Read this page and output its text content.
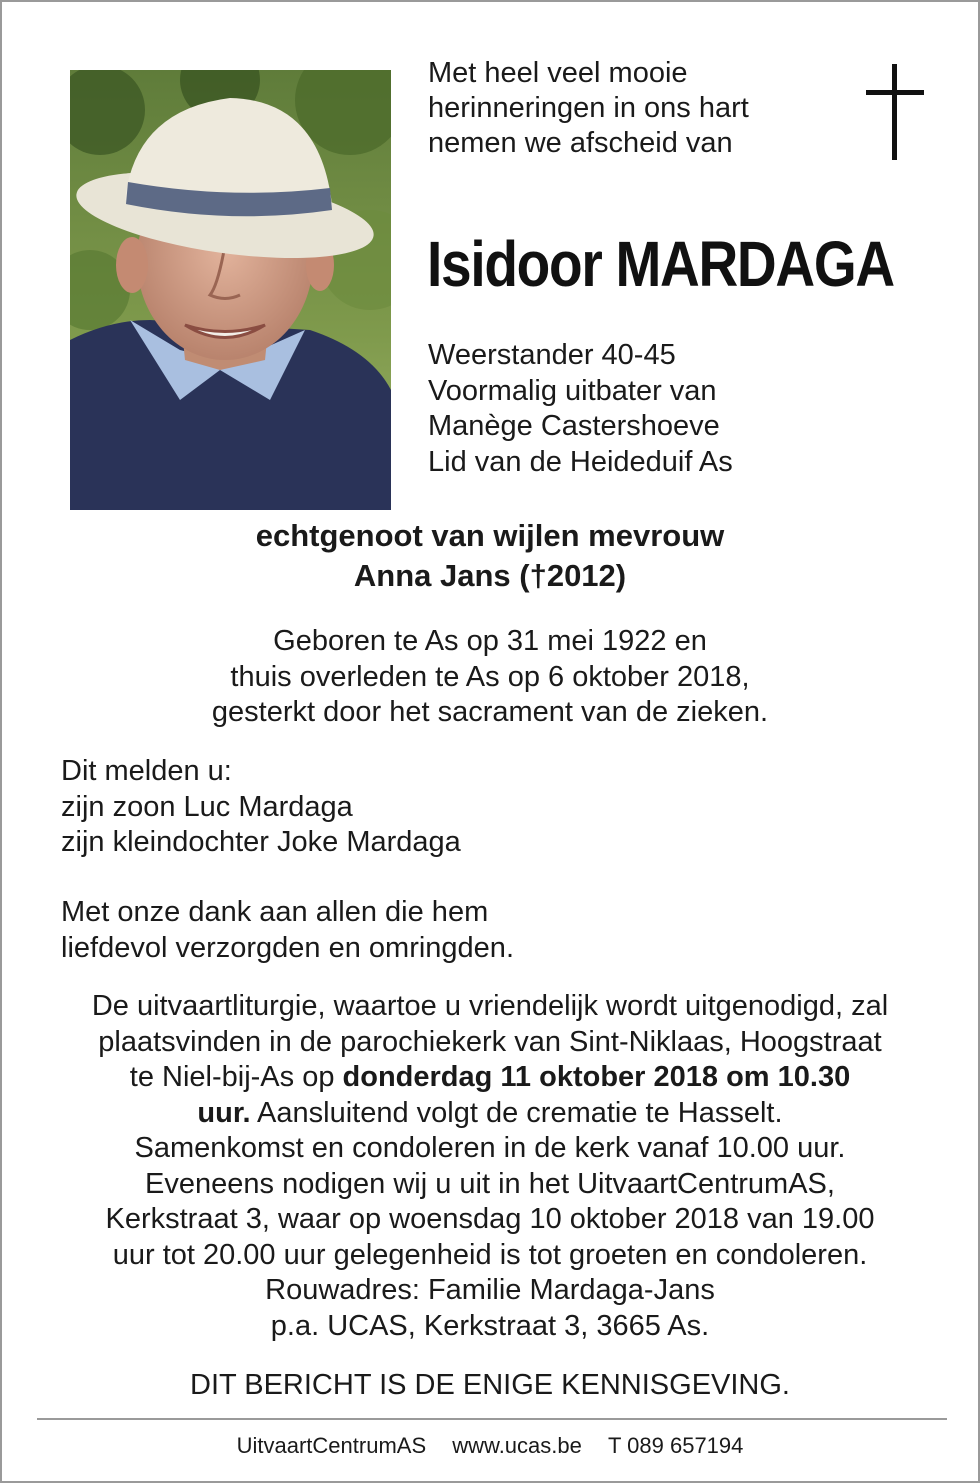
Met heel veel mooie
herinneringen in ons hart
nemen we afscheid van
Isidoor MARDAGA
Weerstander 40-45
Voormalig uitbater van
Manège Castershoeve
Lid van de Heideduif As
echtgenoot van wijlen mevrouw
Anna Jans (†2012)
Geboren te As op 31 mei 1922 en
thuis overleden te As op 6 oktober 2018,
gesterkt door het sacrament van de zieken.
Dit melden u:
zijn zoon Luc Mardaga
zijn kleindochter Joke Mardaga
Met onze dank aan allen die hem
liefdevol verzorgden en omringden.
De uitvaartliturgie, waartoe u vriendelijk wordt uitgenodigd, zal
plaatsvinden in de parochiekerk van Sint-Niklaas, Hoogstraat
te Niel-bij-As op donderdag 11 oktober 2018 om 10.30
uur. Aansluitend volgt de crematie te Hasselt.
Samenkomst en condoleren in de kerk vanaf 10.00 uur.
Eveneens nodigen wij u uit in het UitvaartCentrumAS,
Kerkstraat 3, waar op woensdag 10 oktober 2018 van 19.00
uur tot 20.00 uur gelegenheid is tot groeten en condoleren.
Rouwadres: Familie Mardaga-Jans
p.a. UCAS, Kerkstraat 3, 3665 As.
DIT BERICHT IS DE ENIGE KENNISGEVING.
UitvaartCentrumAS www.ucas.be T 089 657194
